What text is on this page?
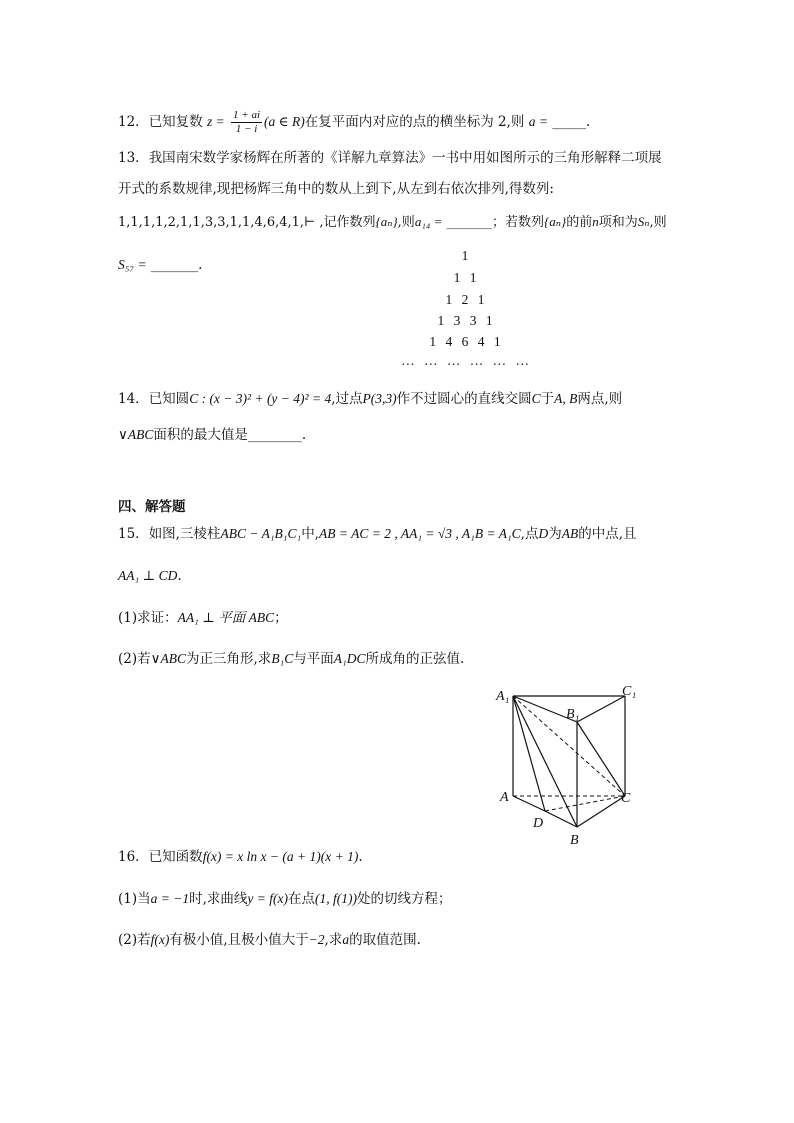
12．已知复数 $z = \frac{1 + ai}{1 - i} (a$ ∈ R)在复平面内对应的点的横坐标为 2,则 a = _____.
13．我国南宋数学家杨辉在所著的《详解九章算法》一书中用如图所示的三角形解释二项展
开式的系数规律,现把杨辉三角中的数从上到下,从左到右依次排列,得数列:
1,1,1,1,2,1,1,3,3,1,1,4,6,4,1,⊢ ,记作数列{aₙ},则a₁₄ = _______；若数列{aₙ}的前n项和为Sₙ,则
S₅₇ = _______.
1
1 1
1 2 1
1 3 3 1
1 4 6 4 1
… … … … … …
14．已知圆C : (x − 3)² + (y − 4)² = 4,过点P(3,3)作不过圆心的直线交圆C于A, B两点,则
∨ABC面积的最大值是________.
四、解答题
15．如图,三棱柱ABC − A₁B₁C₁中,AB = AC = 2 , AA₁ = √3 , A₁B = A₁C,点D为AB的中点,且
AA₁ ⊥ CD.
(1)求证：AA₁ ⊥ 平面 ABC；
(2)若∨ABC为正三角形,求B₁C与平面A₁DC所成角的正弦值.
A₁
B₁
C₁
A	C
D
B
16．已知函数f(x) = x ln x − (a + 1)(x + 1).
(1)当a = −1时,求曲线y = f(x)在点(1, f(1))处的切线方程；
(2)若f(x)有极小值,且极小值大于−2,求a的取值范围.
